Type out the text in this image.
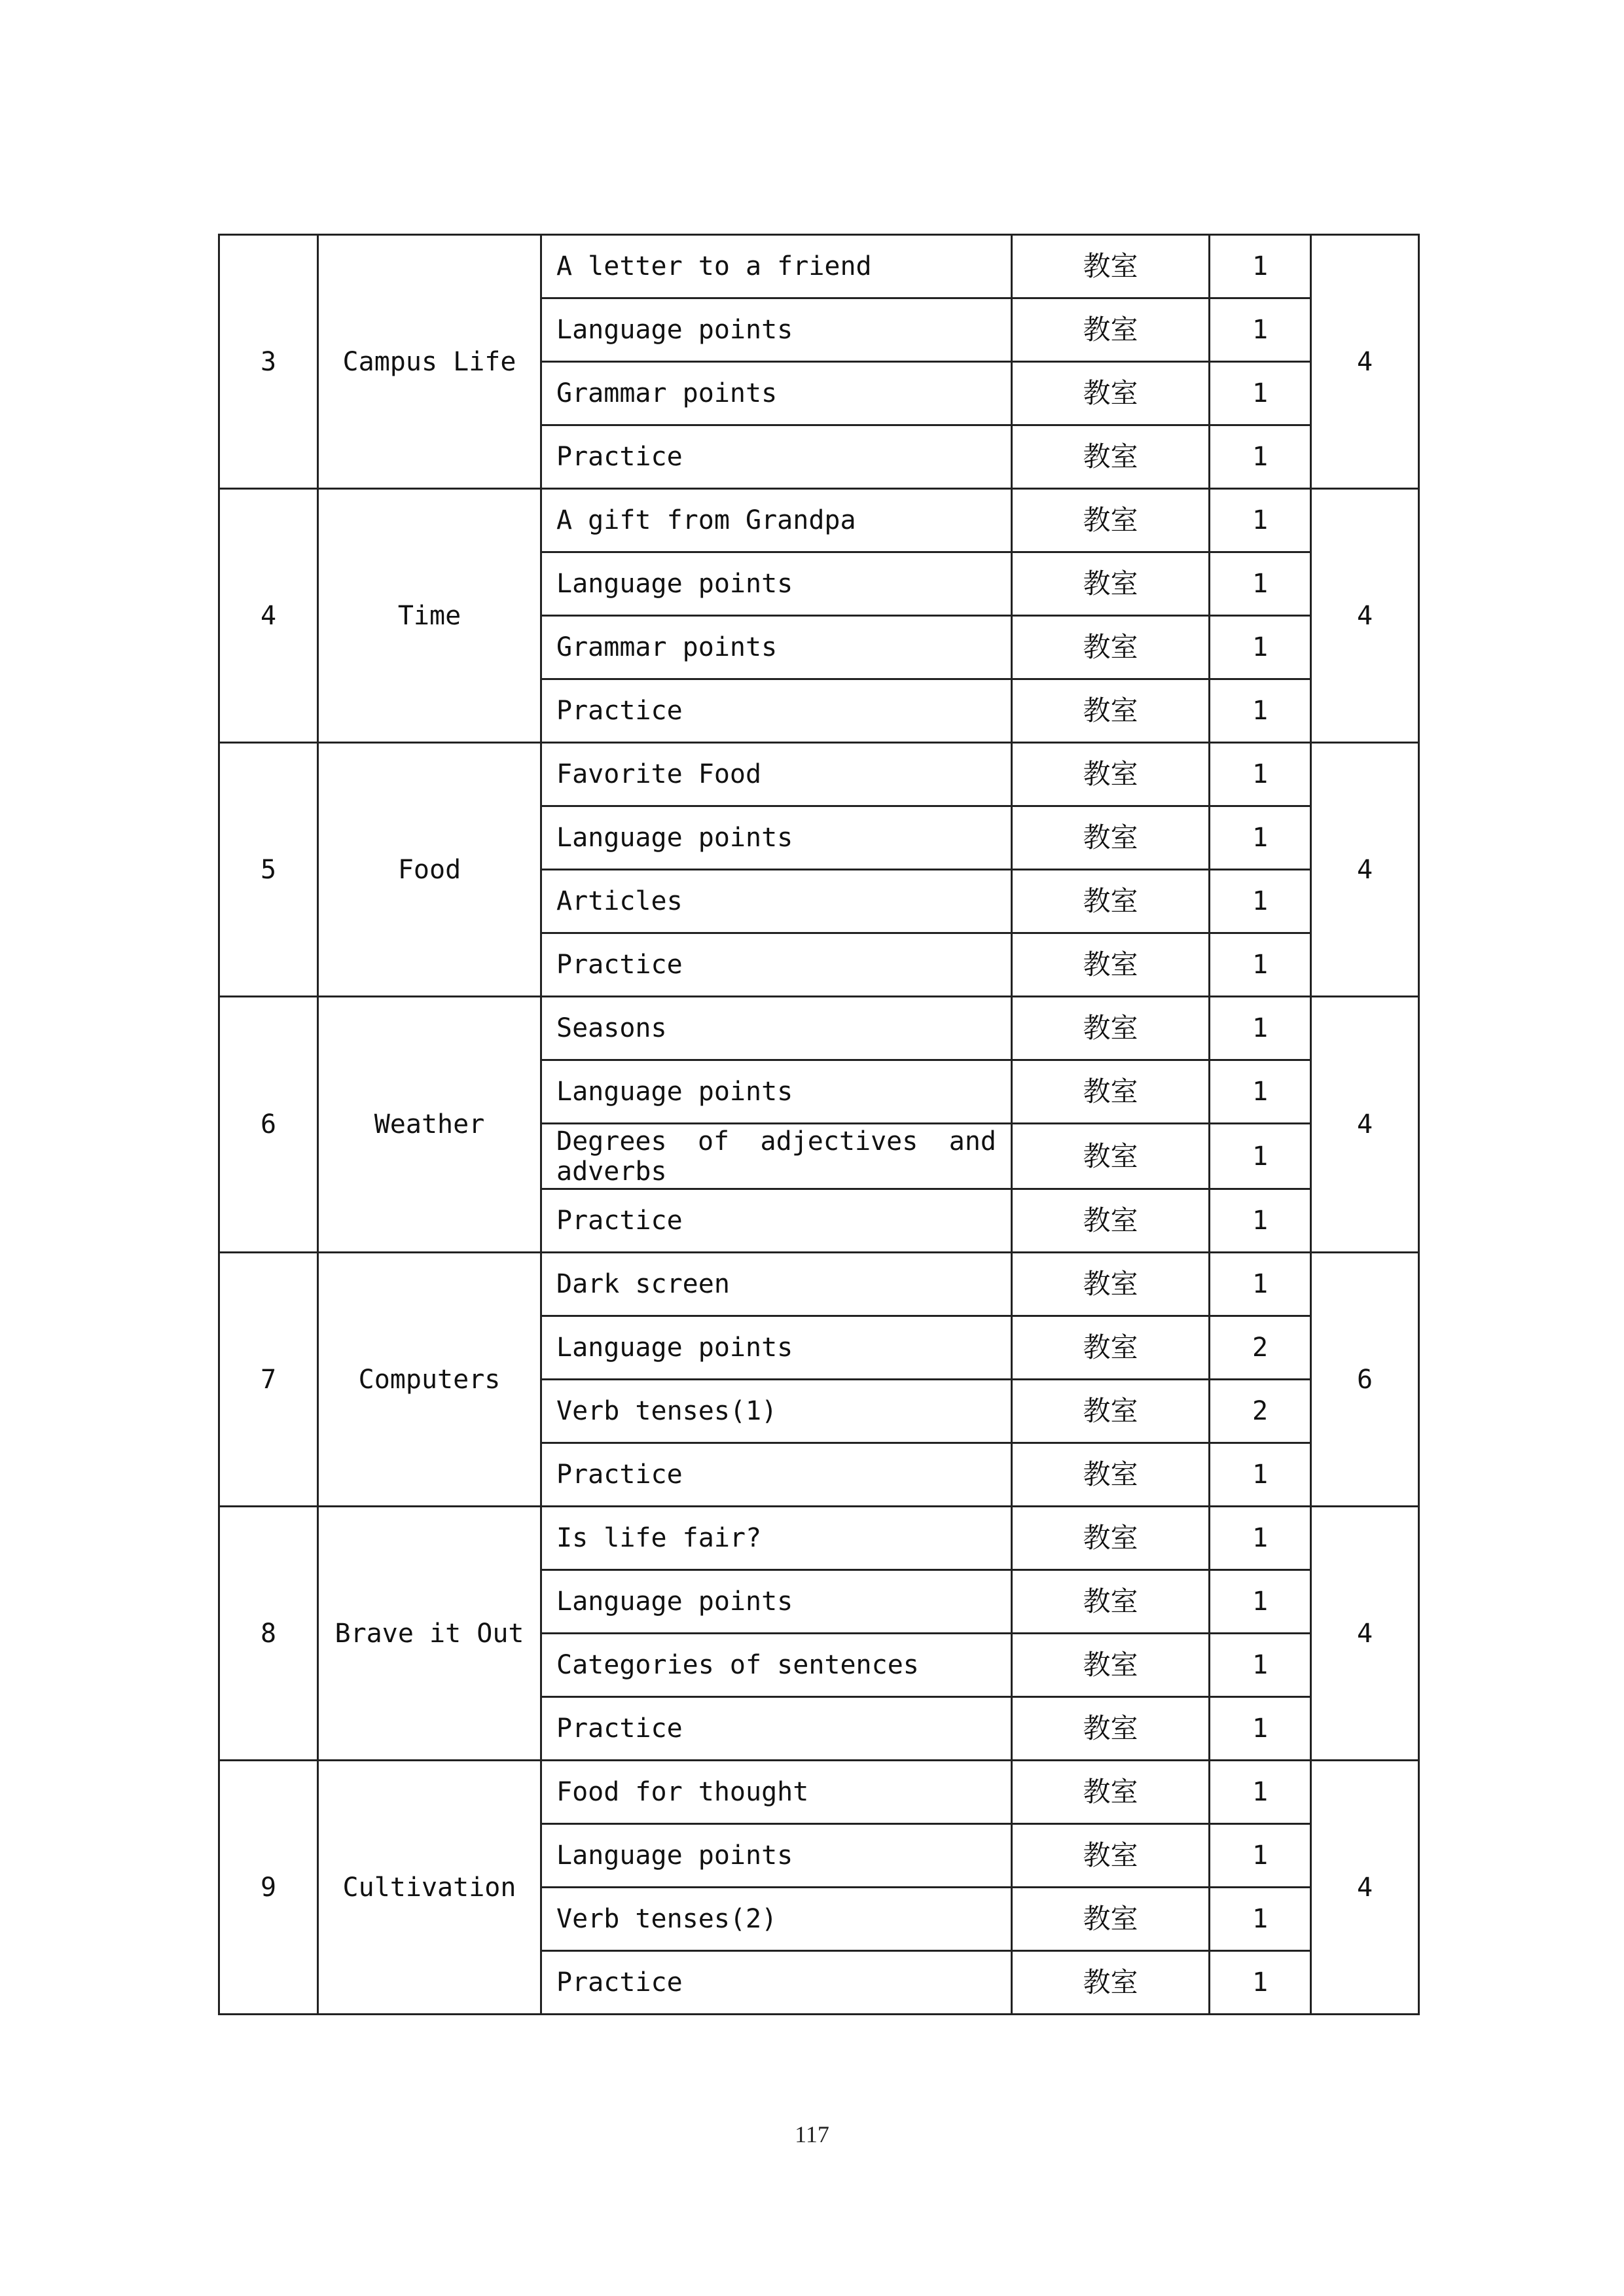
3	Campus Life	A letter to a friend	教室	1	4
		Language points	教室	1	
		Grammar points	教室	1	
		Practice	教室	1	
4	Time	A gift from Grandpa	教室	1	4
		Language points	教室	1	
		Grammar points	教室	1	
		Practice	教室	1	
5	Food	Favorite Food	教室	1	4
		Language points	教室	1	
		Articles	教室	1	
		Practice	教室	1	
6	Weather	Seasons	教室	1	4
		Language points	教室	1	

		Degrees of adjectives and adverbs	教室	1	
		Practice	教室	1	
7	Computers	Dark screen	教室	1	6
		Language points	教室	2	
		Verb tenses(1)	教室	2	
		Practice	教室	1	
8	Brave it Out	Is life fair?	教室	1	4
		Language points	教室	1	
		Categories of sentences	教室	1	
		Practice	教室	1	
9	Cultivation	Food for thought	教室	1	4
		Language points	教室	1	
		Verb tenses(2)	教室	1	
		Practice	教室	1	
117
